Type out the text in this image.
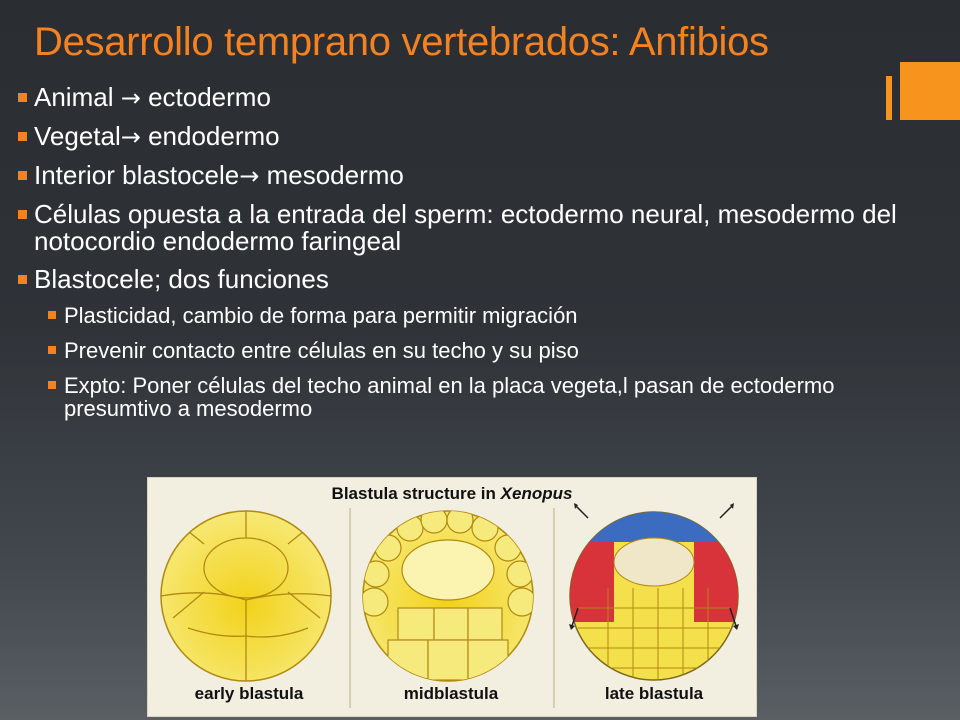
Desarrollo temprano vertebrados: Anfibios
Animal → ectodermo
Vegetal→ endodermo
Interior blastocele→ mesodermo
Células opuesta a la entrada del sperm: ectodermo neural, mesodermo del notocordio endodermo faringeal
Blastocele; dos funciones
Plasticidad, cambio de forma para permitir migración
Prevenir contacto entre células en su techo y su piso
Expto: Poner células del techo animal en la placa vegeta,l pasan de ectodermo presumtivo a mesodermo
Blastula structure in Xenopus
early blastula	midblastula	late blastula
